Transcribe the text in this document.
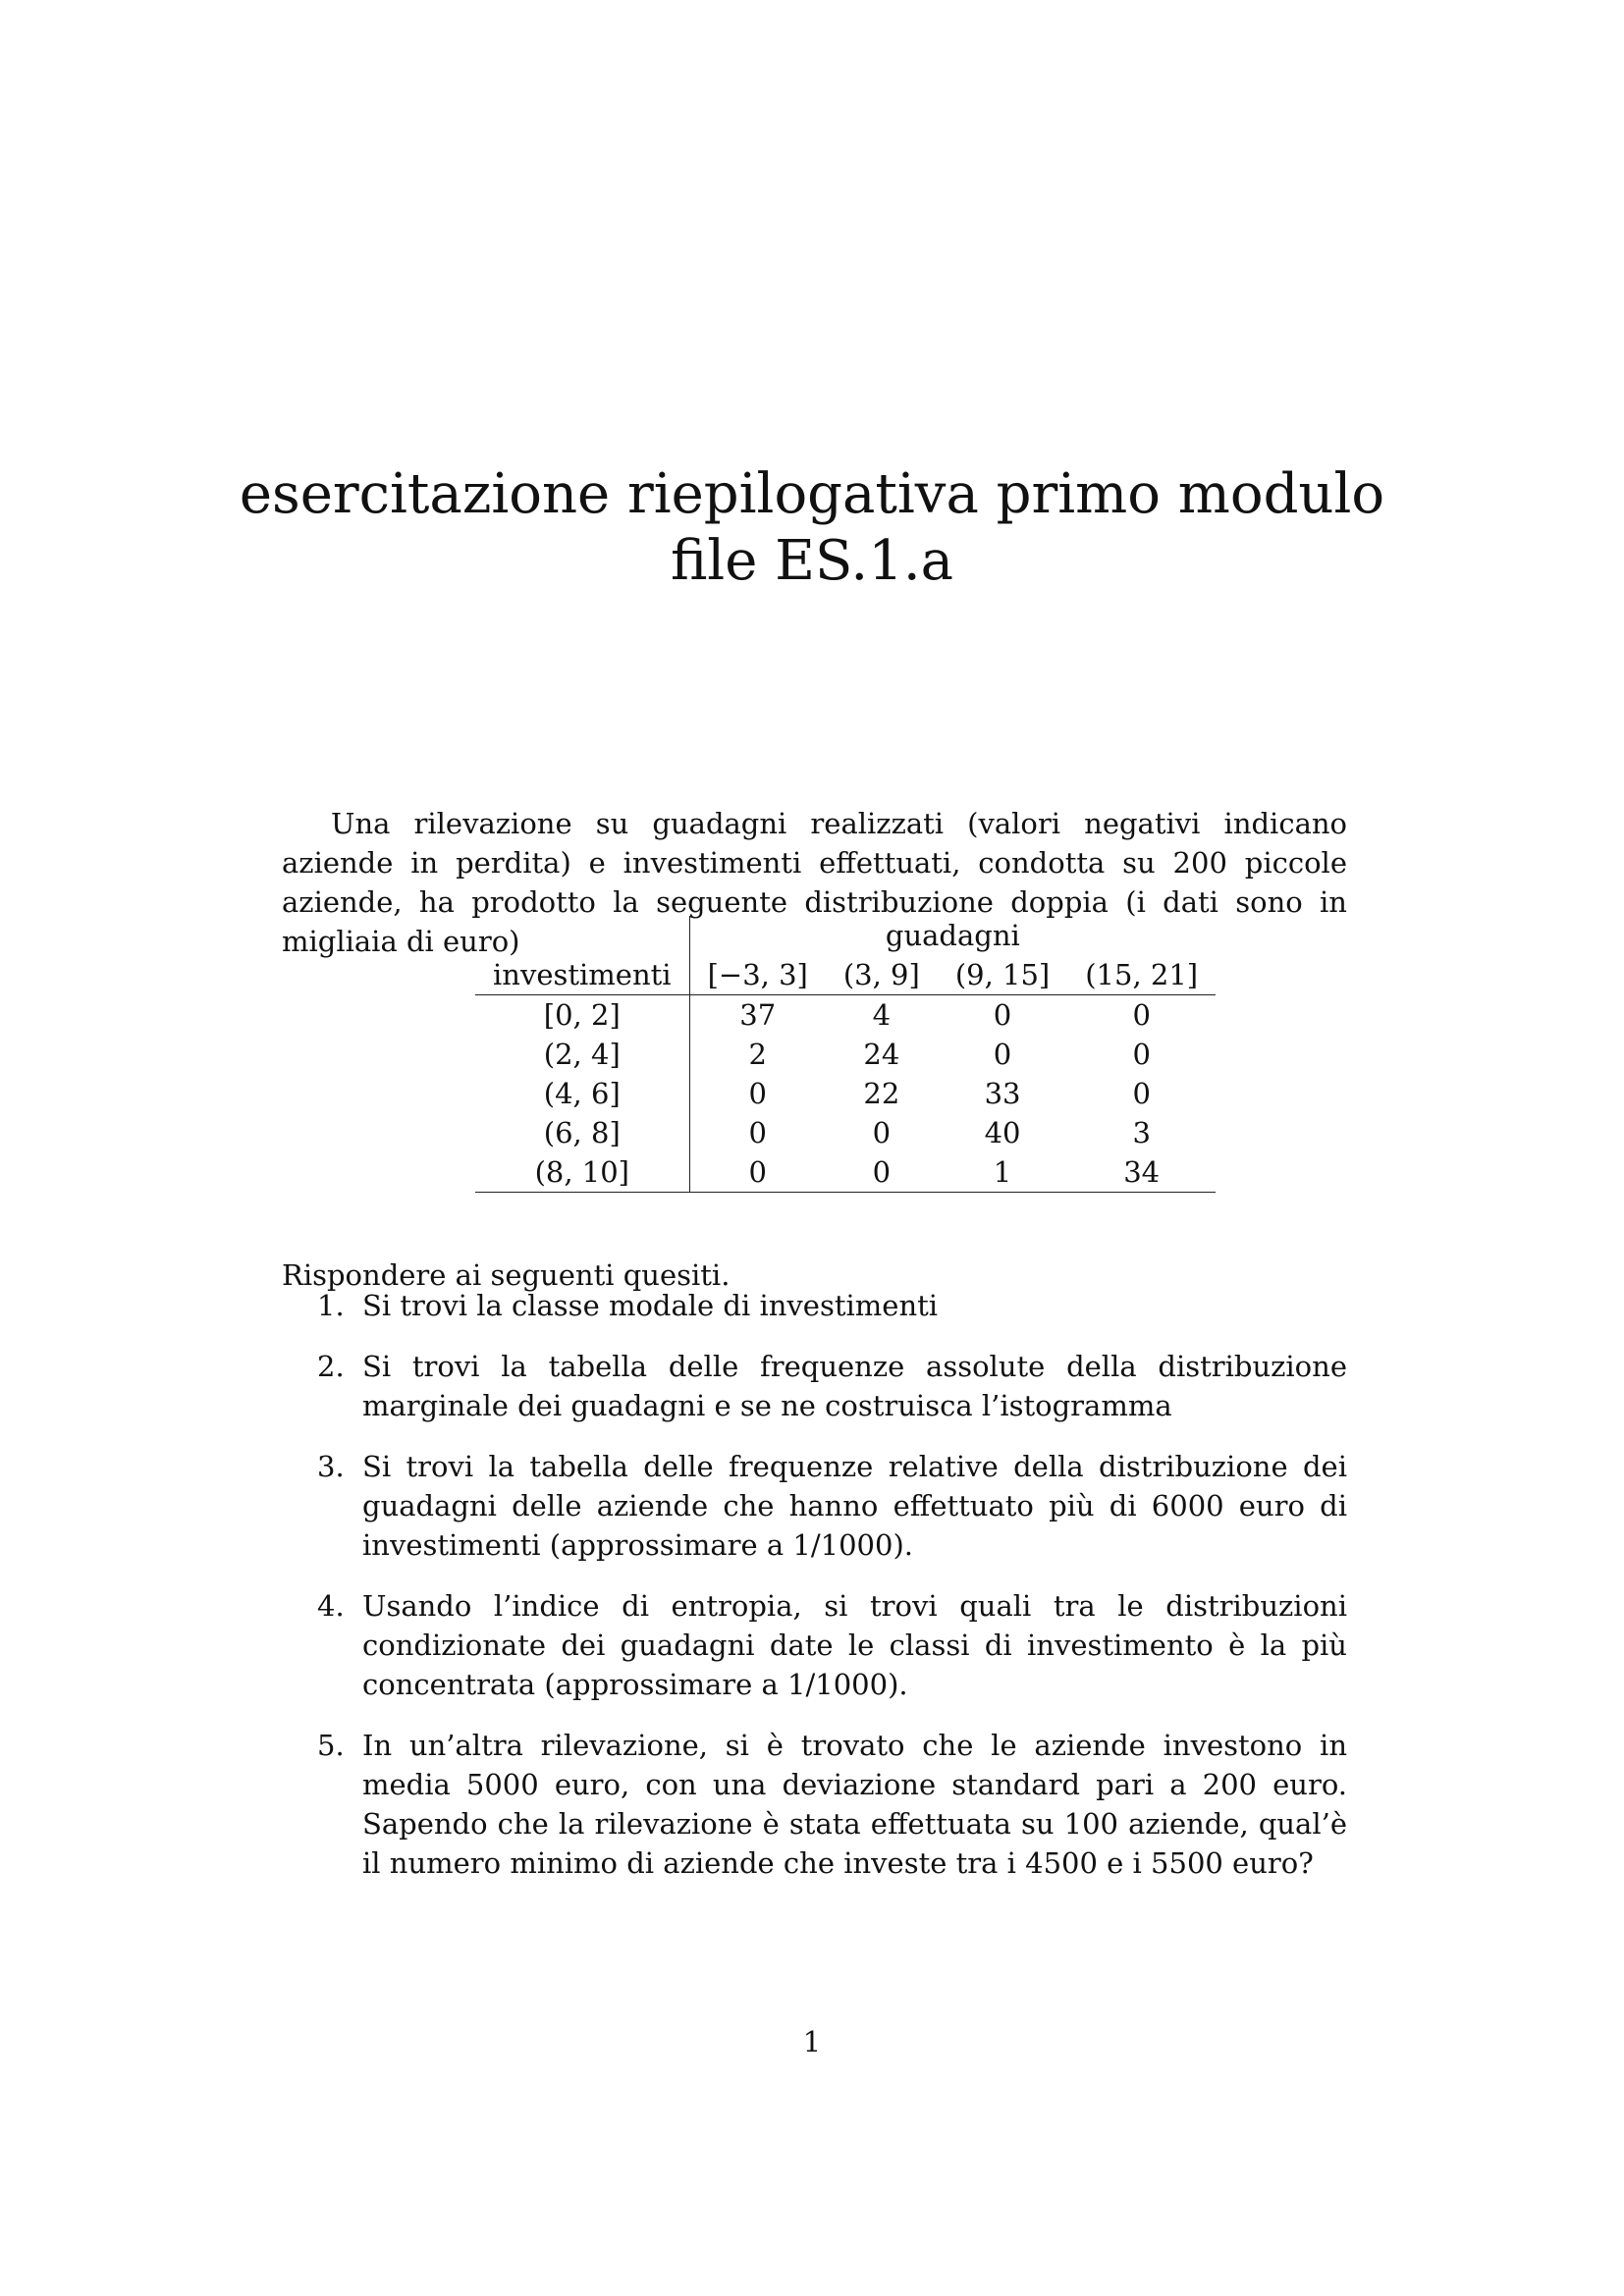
esercitazione riepilogativa primo modulo
file ES.1.a

Una rilevazione su guadagni realizzati (valori negativi indicano aziende in perdita) e investimenti effettuati, condotta su 200 piccole aziende, ha prodotto la seguente distribuzione doppia (i dati sono in migliaia di euro)

		guadagni			
investimenti	[−3, 3]	(3, 9]	(9, 15]	(15, 21]
[0, 2]	37	4	0	0
(2, 4]	2	24	0	0
(4, 6]	0	22	33	0
(6, 8]	0	0	40	3
(8, 10]	0	0	1	34

Rispondere ai seguenti quesiti.

1. Si trovi la classe modale di investimenti
2. Si trovi la tabella delle frequenze assolute della distribuzione marginale dei guadagni e se ne costruisca l’istogramma
3. Si trovi la tabella delle frequenze relative della distribuzione dei guadagni delle aziende che hanno effettuato più di 6000 euro di investimenti (approssimare a 1/1000).
4. Usando l’indice di entropia, si trovi quali tra le distribuzioni condizionate dei guadagni date le classi di investimento è la più concentrata (approssimare a 1/1000).
5. In un’altra rilevazione, si è trovato che le aziende investono in media 5000 euro, con una deviazione standard pari a 200 euro. Sapendo che la rilevazione è stata effettuata su 100 aziende, qual’è il numero minimo di aziende che investe tra i 4500 e i 5500 euro?
1
